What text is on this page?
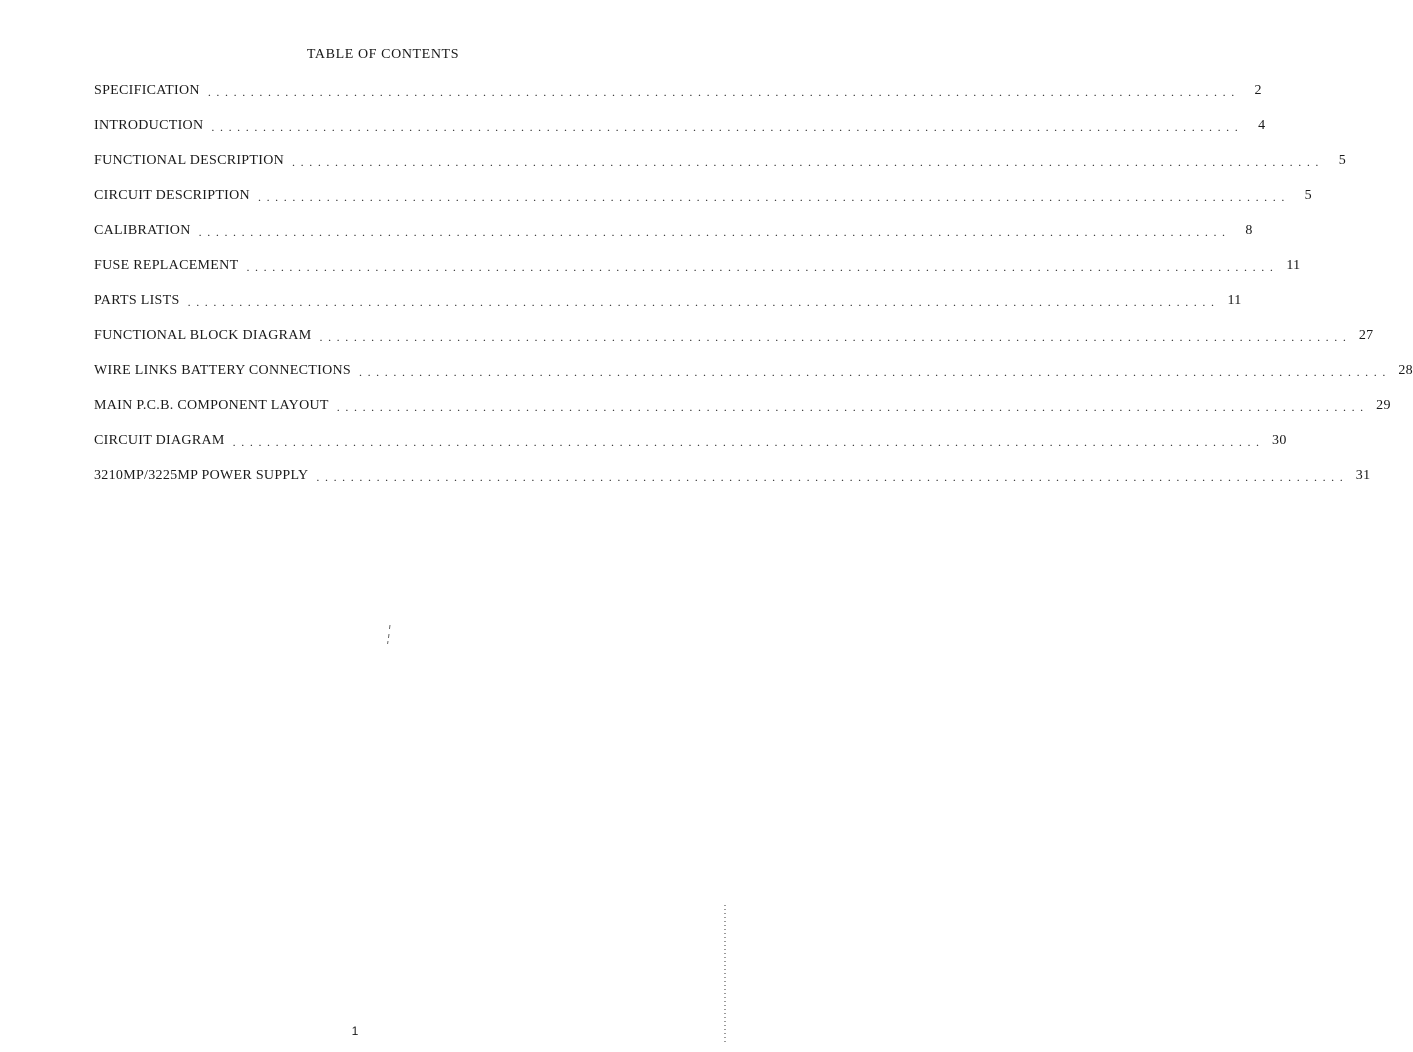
TABLE OF CONTENTS
SPECIFICATION ........................................................................................................................	2
INTRODUCTION ........................................................................................................................	4
FUNCTIONAL DESCRIPTION ........................................................................................................................	5
CIRCUIT DESCRIPTION ........................................................................................................................	5
CALIBRATION ........................................................................................................................	8
FUSE REPLACEMENT ........................................................................................................................ 11
PARTS LISTS ........................................................................................................................ 11
FUNCTIONAL BLOCK DIAGRAM ........................................................................................................................ 27
WIRE LINKS BATTERY CONNECTIONS ........................................................................................................................ 28
MAIN P.C.B. COMPONENT LAYOUT ........................................................................................................................ 29
CIRCUIT DIAGRAM ........................................................................................................................ 30
3210MP/3225MP POWER SUPPLY ........................................................................................................................ 31
1
